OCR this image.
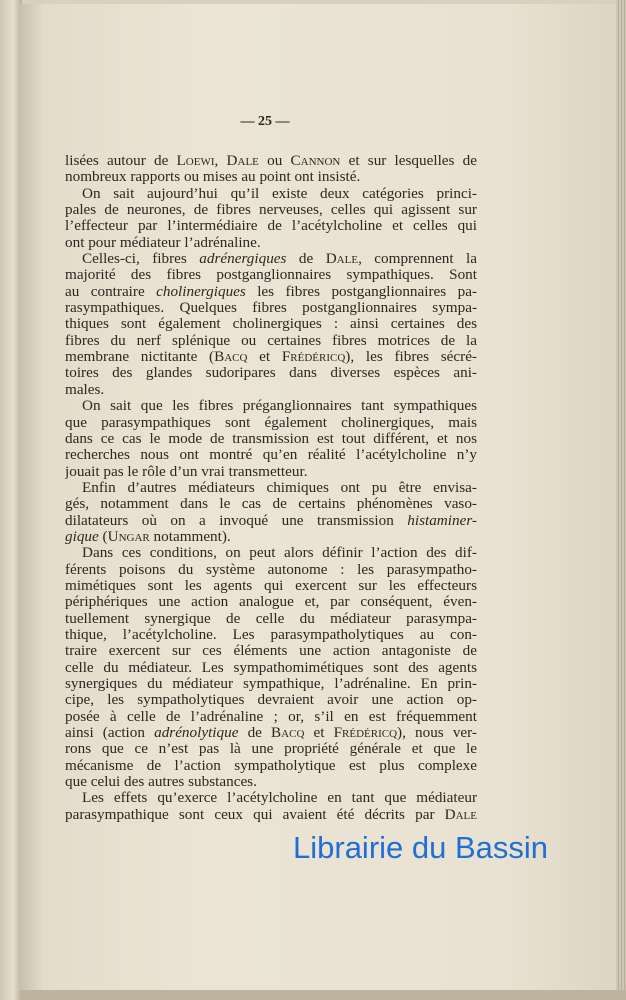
— 25 —
lisées autour de Loewi, Dale ou Cannon et sur lesquelles de
nombreux rapports ou mises au point ont insisté.
On sait aujourd’hui qu’il existe deux catégories princi-
pales de neurones, de fibres nerveuses, celles qui agissent sur
l’effecteur par l’intermédiaire de l’acétylcholine et celles qui
ont pour médiateur l’adrénaline.
Celles-ci, fibres adrénergiques de Dale, comprennent la
majorité des fibres postganglionnaires sympathiques. Sont
au contraire cholinergiques les fibres postganglionnaires pa-
rasympathiques. Quelques fibres postganglionnaires sympa-
thiques sont également cholinergiques : ainsi certaines des
fibres du nerf splénique ou certaines fibres motrices de la
membrane nictitante (Bacq et Frédéricq), les fibres sécré-
toires des glandes sudoripares dans diverses espèces ani-
males.
On sait que les fibres préganglionnaires tant sympathiques
que parasympathiques sont également cholinergiques, mais
dans ce cas le mode de transmission est tout différent, et nos
recherches nous ont montré qu’en réalité l’acétylcholine n’y
jouait pas le rôle d’un vrai transmetteur.
Enfin d’autres médiateurs chimiques ont pu être envisa-
gés, notamment dans le cas de certains phénomènes vaso-
dilatateurs où on a invoqué une transmission histaminer-
gique (Ungar notamment).
Dans ces conditions, on peut alors définir l’action des dif-
férents poisons du système autonome : les parasympatho-
mimétiques sont les agents qui exercent sur les effecteurs
périphériques une action analogue et, par conséquent, éven-
tuellement synergique de celle du médiateur parasympa-
thique, l’acétylcholine. Les parasympatholytiques au con-
traire exercent sur ces éléments une action antagoniste de
celle du médiateur. Les sympathomimétiques sont des agents
synergiques du médiateur sympathique, l’adrénaline. En prin-
cipe, les sympatholytiques devraient avoir une action op-
posée à celle de l’adrénaline ; or, s’il en est fréquemment
ainsi (action adrénolytique de Bacq et Frédéricq), nous ver-
rons que ce n’est pas là une propriété générale et que le
mécanisme de l’action sympatholytique est plus complexe
que celui des autres substances.
Les effets qu’exerce l’acétylcholine en tant que médiateur
parasympathique sont ceux qui avaient été décrits par Dale
Librairie du Bassin
